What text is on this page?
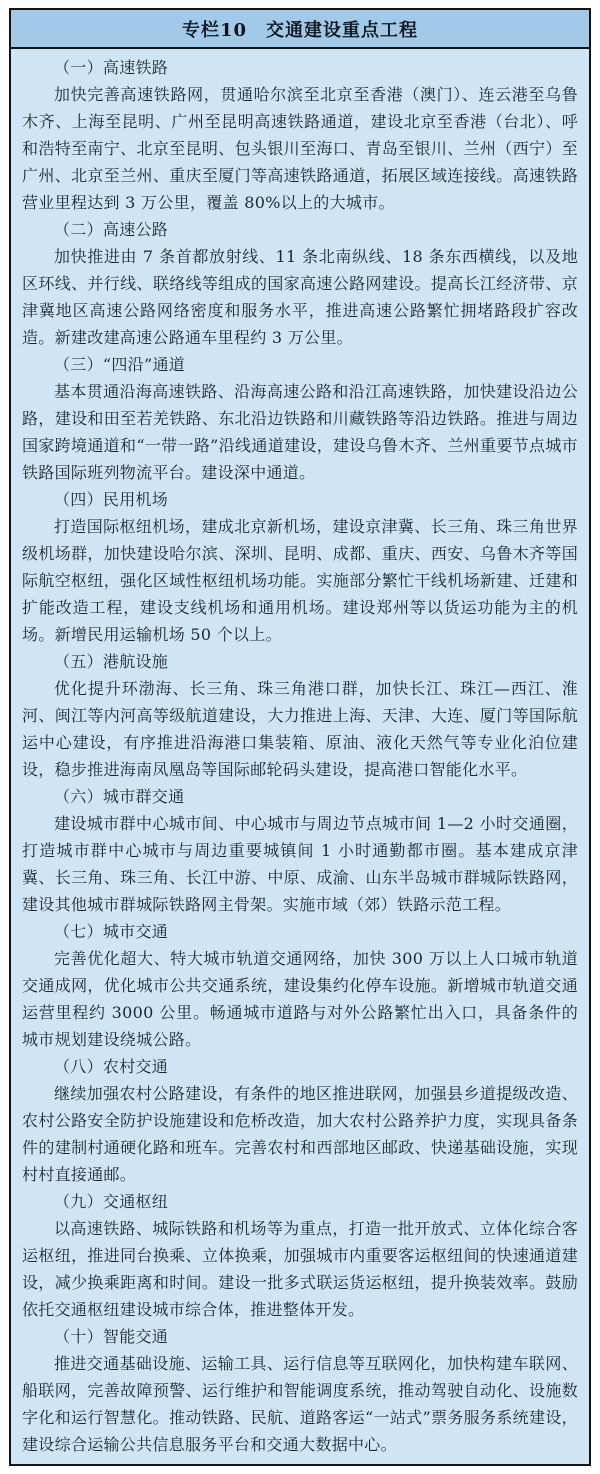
专栏10　交通建设重点工程
（一）高速铁路

加快完善高速铁路网，贯通哈尔滨至北京至香港（澳门）、连云港至乌鲁木齐、上海至昆明、广州至昆明高速铁路通道，建设北京至香港（台北）、呼和浩特至南宁、北京至昆明、包头银川至海口、青岛至银川、兰州（西宁）至广州、北京至兰州、重庆至厦门等高速铁路通道，拓展区域连接线。高速铁路营业里程达到 3 万公里，覆盖 80%以上的大城市。

（二）高速公路

加快推进由 7 条首都放射线、11 条北南纵线、18 条东西横线，以及地区环线、并行线、联络线等组成的国家高速公路网建设。提高长江经济带、京津冀地区高速公路网络密度和服务水平，推进高速公路繁忙拥堵路段扩容改造。新建改建高速公路通车里程约 3 万公里。

（三）“四沿”通道

基本贯通沿海高速铁路、沿海高速公路和沿江高速铁路，加快建设沿边公路，建设和田至若羌铁路、东北沿边铁路和川藏铁路等沿边铁路。推进与周边国家跨境通道和“一带一路”沿线通道建设，建设乌鲁木齐、兰州重要节点城市铁路国际班列物流平台。建设深中通道。

（四）民用机场

打造国际枢纽机场，建成北京新机场，建设京津冀、长三角、珠三角世界级机场群，加快建设哈尔滨、深圳、昆明、成都、重庆、西安、乌鲁木齐等国际航空枢纽，强化区域性枢纽机场功能。实施部分繁忙干线机场新建、迁建和扩能改造工程，建设支线机场和通用机场。建设郑州等以货运功能为主的机场。新增民用运输机场 50 个以上。

（五）港航设施

优化提升环渤海、长三角、珠三角港口群，加快长江、珠江—西江、淮河、闽江等内河高等级航道建设，大力推进上海、天津、大连、厦门等国际航运中心建设，有序推进沿海港口集装箱、原油、液化天然气等专业化泊位建设，稳步推进海南凤凰岛等国际邮轮码头建设，提高港口智能化水平。

（六）城市群交通

建设城市群中心城市间、中心城市与周边节点城市间 1—2 小时交通圈，打造城市群中心城市与周边重要城镇间 1 小时通勤都市圈。基本建成京津冀、长三角、珠三角、长江中游、中原、成渝、山东半岛城市群城际铁路网，建设其他城市群城际铁路网主骨架。实施市域（郊）铁路示范工程。

（七）城市交通

完善优化超大、特大城市轨道交通网络，加快 300 万以上人口城市轨道交通成网，优化城市公共交通系统，建设集约化停车设施。新增城市轨道交通运营里程约 3000 公里。畅通城市道路与对外公路繁忙出入口，具备条件的城市规划建设绕城公路。

（八）农村交通

继续加强农村公路建设，有条件的地区推进联网，加强县乡道提级改造、农村公路安全防护设施建设和危桥改造，加大农村公路养护力度，实现具备条件的建制村通硬化路和班车。完善农村和西部地区邮政、快递基础设施，实现村村直接通邮。

（九）交通枢纽

以高速铁路、城际铁路和机场等为重点，打造一批开放式、立体化综合客运枢纽，推进同台换乘、立体换乘，加强城市内重要客运枢纽间的快速通道建设，减少换乘距离和时间。建设一批多式联运货运枢纽，提升换装效率。鼓励依托交通枢纽建设城市综合体，推进整体开发。

（十）智能交通

推进交通基础设施、运输工具、运行信息等互联网化，加快构建车联网、船联网，完善故障预警、运行维护和智能调度系统，推动驾驶自动化、设施数字化和运行智慧化。推动铁路、民航、道路客运“一站式”票务服务系统建设，建设综合运输公共信息服务平台和交通大数据中心。
